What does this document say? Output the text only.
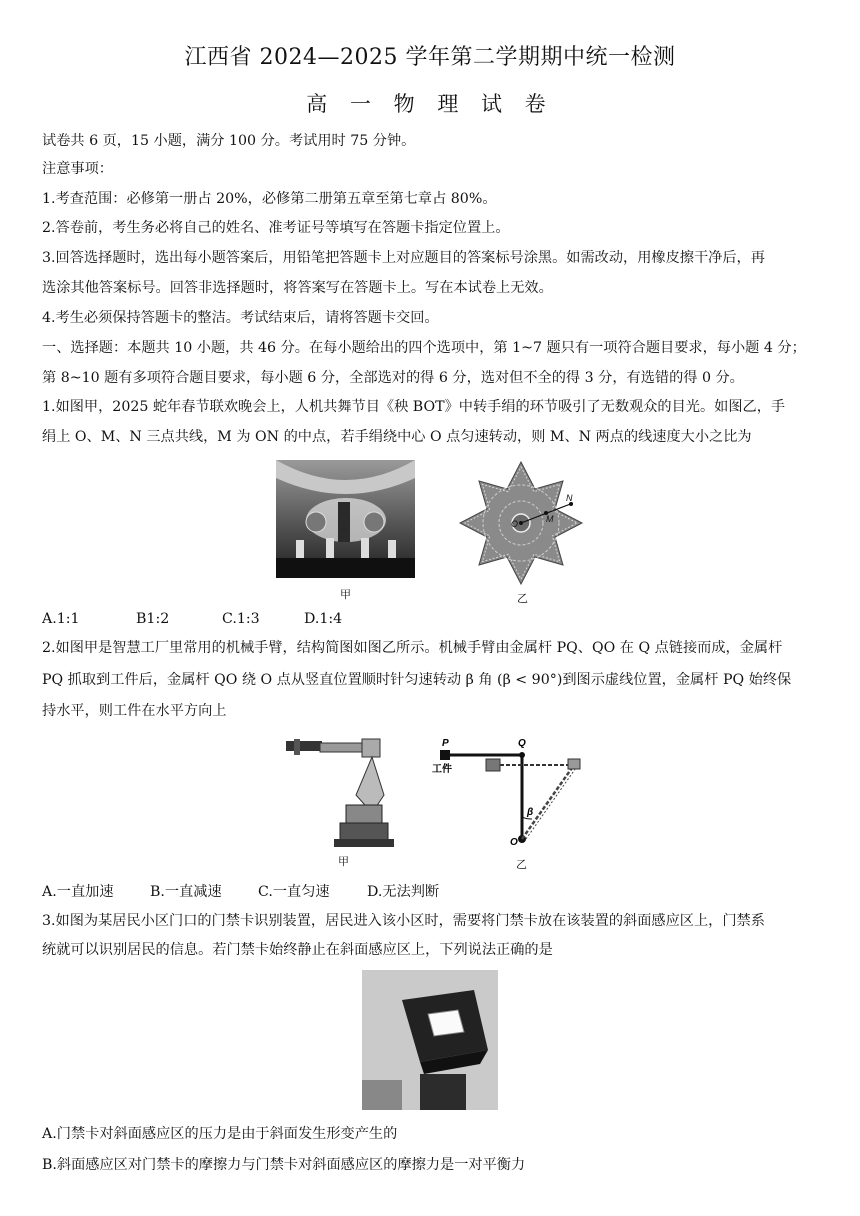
江西省 2024—2025 学年第二学期期中统一检测
高 一 物 理 试 卷
试卷共 6 页，15 小题，满分 100 分。考试用时 75 分钟。
注意事项：
1.考查范围：必修第一册占 20%，必修第二册第五章至第七章占 80%。
2.答卷前，考生务必将自己的姓名、准考证号等填写在答题卡指定位置上。
3.回答选择题时，选出每小题答案后，用铅笔把答题卡上对应题目的答案标号涂黑。如需改动，用橡皮擦干净后，再
选涂其他答案标号。回答非选择题时，将答案写在答题卡上。写在本试卷上无效。
4.考生必须保持答题卡的整洁。考试结束后，请将答题卡交回。
一、选择题：本题共 10 小题，共 46 分。在每小题给出的四个选项中，第 1~7 题只有一项符合题目要求，每小题 4 分；
第 8~10 题有多项符合题目要求，每小题 6 分，全部选对的得 6 分，选对但不全的得 3 分，有选错的得 0 分。
1.如图甲，2025 蛇年春节联欢晚会上，人机共舞节目《秧 BOT》中转手绢的环节吸引了无数观众的目光。如图乙，手
绢上 O、M、N 三点共线，M 为 ON 的中点，若手绢绕中心 O 点匀速转动，则 M、N 两点的线速度大小之比为
甲
O	M
N
乙
A.1:1	B1:2	C.1:3	D.1:4
2.如图甲是智慧工厂里常用的机械手臂，结构简图如图乙所示。机械手臂由金属杆 PQ、QO 在 Q 点链接而成，金属杆
PQ 抓取到工件后，金属杆 QO 绕 O 点从竖直位置顺时针匀速转动 β 角 (β < 90°)到图示虚线位置，金属杆 PQ 始终保
持水平，则工件在水平方向上
甲
P	Q
O
β
工件
乙
A.一直加速	B.一直减速	C.一直匀速	D.无法判断
3.如图为某居民小区门口的门禁卡识别装置，居民进入该小区时，需要将门禁卡放在该装置的斜面感应区上，门禁系
统就可以识别居民的信息。若门禁卡始终静止在斜面感应区上，下列说法正确的是
A.门禁卡对斜面感应区的压力是由于斜面发生形变产生的
B.斜面感应区对门禁卡的摩擦力与门禁卡对斜面感应区的摩擦力是一对平衡力
